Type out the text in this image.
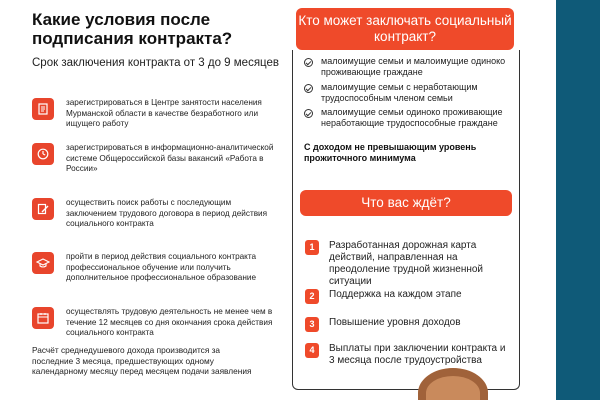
Какие условия после подписания контракта?
Срок заключения контракта от 3 до 9 месяцев
зарегистрироваться в Центре занятости населения Мурманской области в качестве безработного или ищущего работу
зарегистрироваться в информационно-аналитической системе Общероссийской базы вакансий «Работа в России»
осуществить поиск работы с последующим заключением трудового договора в период действия социального контракта
пройти в период действия социального контракта профессиональное обучение или получить дополнительное профессиональное образование
осуществлять трудовую деятельность не менее чем в течение 12 месяцев со дня окончания срока действия социального контракта
Расчёт среднедушевого дохода производится за последние 3 месяца, предшествующих одному календарному месяцу перед месяцем подачи заявления
Кто может заключать социальный контракт?
малоимущие семьи и малоимущие одиноко проживающие граждане
малоимущие семьи с неработающим трудоспособным членом семьи
малоимущие семьи одиноко проживающие неработающие трудоспособные граждане
С доходом не превышающим уровень прожиточного минимума
Что вас ждёт?
1	Разработанная дорожная карта действий, направленная на преодоление трудной жизненной ситуации
2	Поддержка на каждом этапе
3	Повышение уровня доходов
4	Выплаты при заключении контракта и 3 месяца после трудоустройства
